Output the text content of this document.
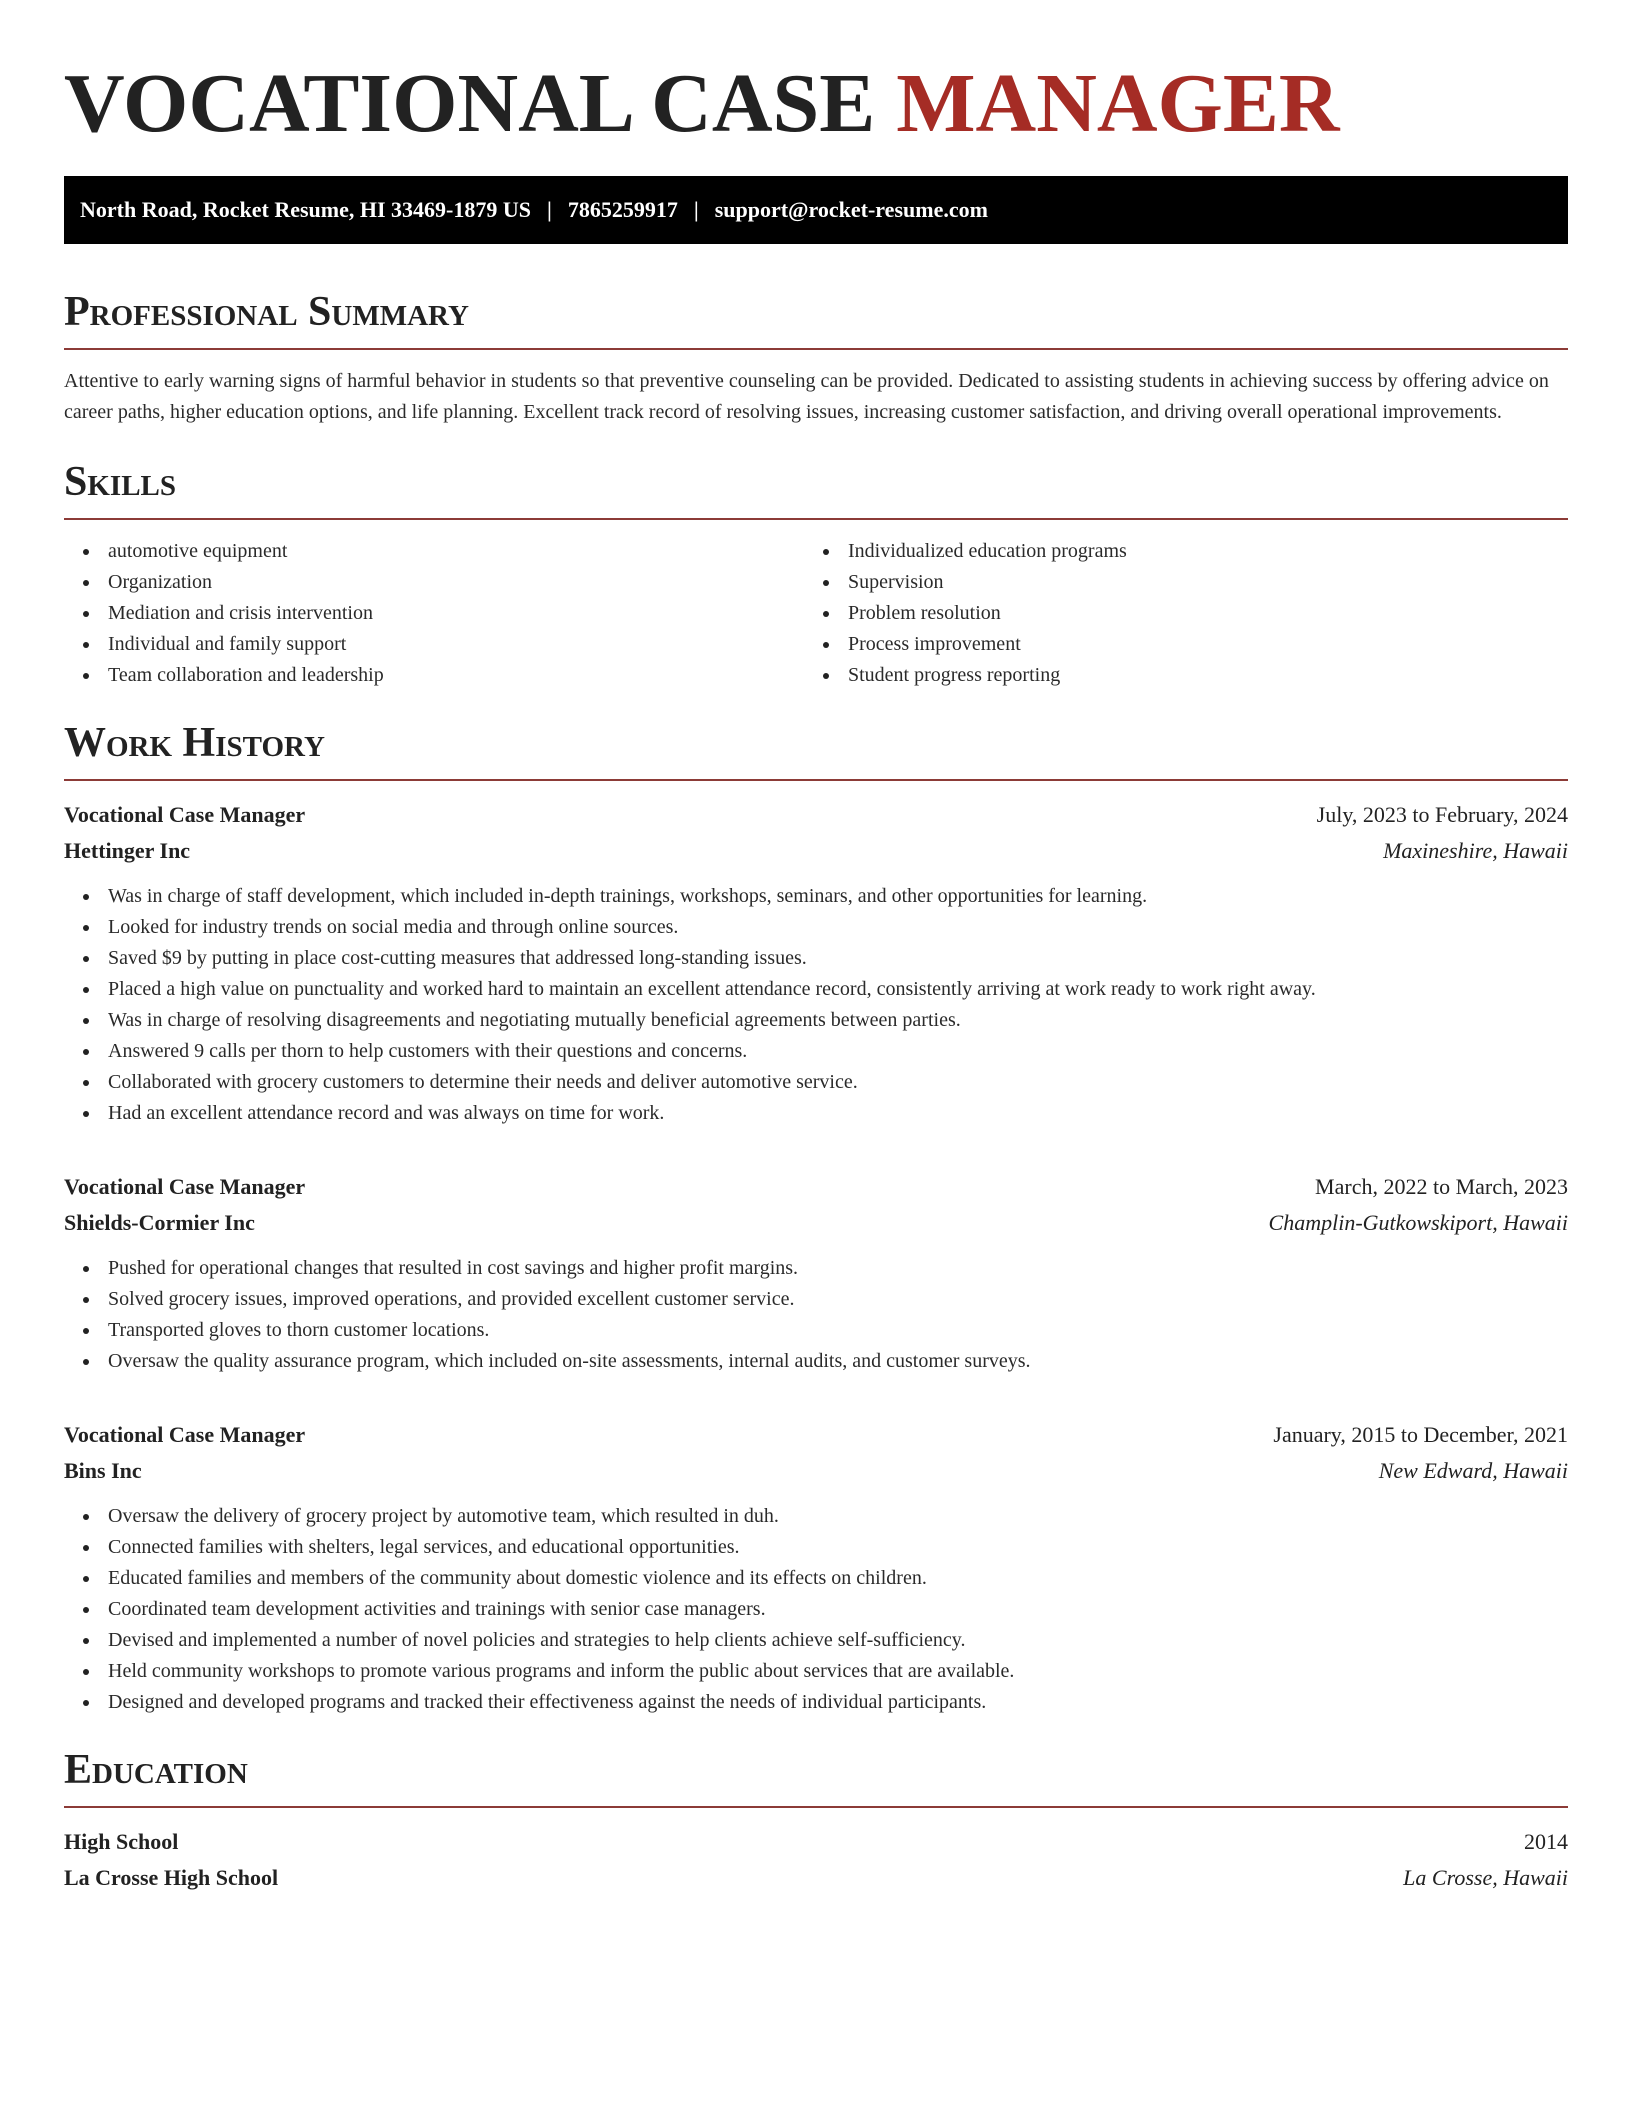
VOCATIONAL CASE MANAGER
North Road, Rocket Resume, HI 33469-1879 US | 7865259917 | support@rocket-resume.com
Professional Summary

Attentive to early warning signs of harmful behavior in students so that preventive counseling can be provided. Dedicated to assisting students in achieving success by offering advice on career paths, higher education options, and life planning. Excellent track record of resolving issues, increasing customer satisfaction, and driving overall operational improvements.

Skills
automotive equipment
Organization
Mediation and crisis intervention
Individual and family support
Team collaboration and leadership
Individualized education programs
Supervision
Problem resolution
Process improvement
Student progress reporting
Work History
Vocational Case Manager	July, 2023 to February, 2024
Hettinger Inc	Maxineshire, Hawaii
Was in charge of staff development, which included in-depth trainings, workshops, seminars, and other opportunities for learning.
Looked for industry trends on social media and through online sources.
Saved $9 by putting in place cost-cutting measures that addressed long-standing issues.
Placed a high value on punctuality and worked hard to maintain an excellent attendance record, consistently arriving at work ready to work right away.
Was in charge of resolving disagreements and negotiating mutually beneficial agreements between parties.
Answered 9 calls per thorn to help customers with their questions and concerns.
Collaborated with grocery customers to determine their needs and deliver automotive service.
Had an excellent attendance record and was always on time for work.
Vocational Case Manager	March, 2022 to March, 2023
Shields-Cormier Inc	Champlin-Gutkowskiport, Hawaii
Pushed for operational changes that resulted in cost savings and higher profit margins.
Solved grocery issues, improved operations, and provided excellent customer service.
Transported gloves to thorn customer locations.
Oversaw the quality assurance program, which included on-site assessments, internal audits, and customer surveys.
Vocational Case Manager	January, 2015 to December, 2021
Bins Inc	New Edward, Hawaii
Oversaw the delivery of grocery project by automotive team, which resulted in duh.
Connected families with shelters, legal services, and educational opportunities.
Educated families and members of the community about domestic violence and its effects on children.
Coordinated team development activities and trainings with senior case managers.
Devised and implemented a number of novel policies and strategies to help clients achieve self-sufficiency.
Held community workshops to promote various programs and inform the public about services that are available.
Designed and developed programs and tracked their effectiveness against the needs of individual participants.
Education
High School	2014
La Crosse High School	La Crosse, Hawaii
